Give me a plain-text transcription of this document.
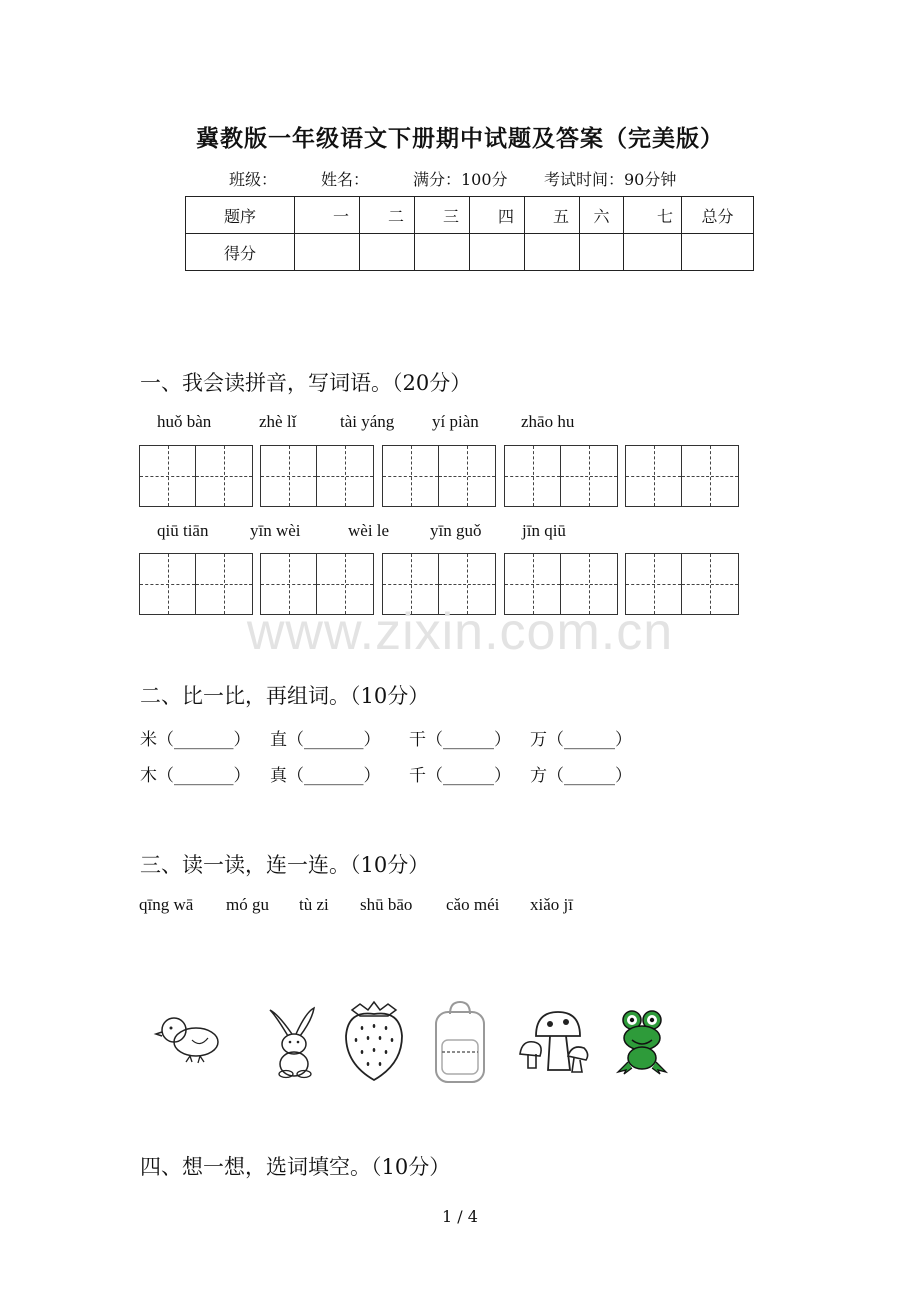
冀教版一年级语文下册期中试题及答案（完美版）
班级：	姓名：	满分：100分 考试时间：90分钟
题序	一	二	三	四	五	六	七	总分
得分								
一、我会读拼音，写词语。（20分）
huǒ bàn	zhè lǐ	tài yáng yí piàn zhāo hu
qiū tiān yīn wèi	wèi le yīn guǒ jīn qiū
www.zixin.com.cn
二、比一比，再组词。（10分）
米（_______） 直（_______） 干（______） 万（______）
木（_______） 真（_______） 千（______） 方（______）
三、读一读，连一连。（10分）
qīng wā mó gu tù zi shū bāo cǎo méi xiǎo jī
四、想一想，选词填空。（10分）
1 / 4
